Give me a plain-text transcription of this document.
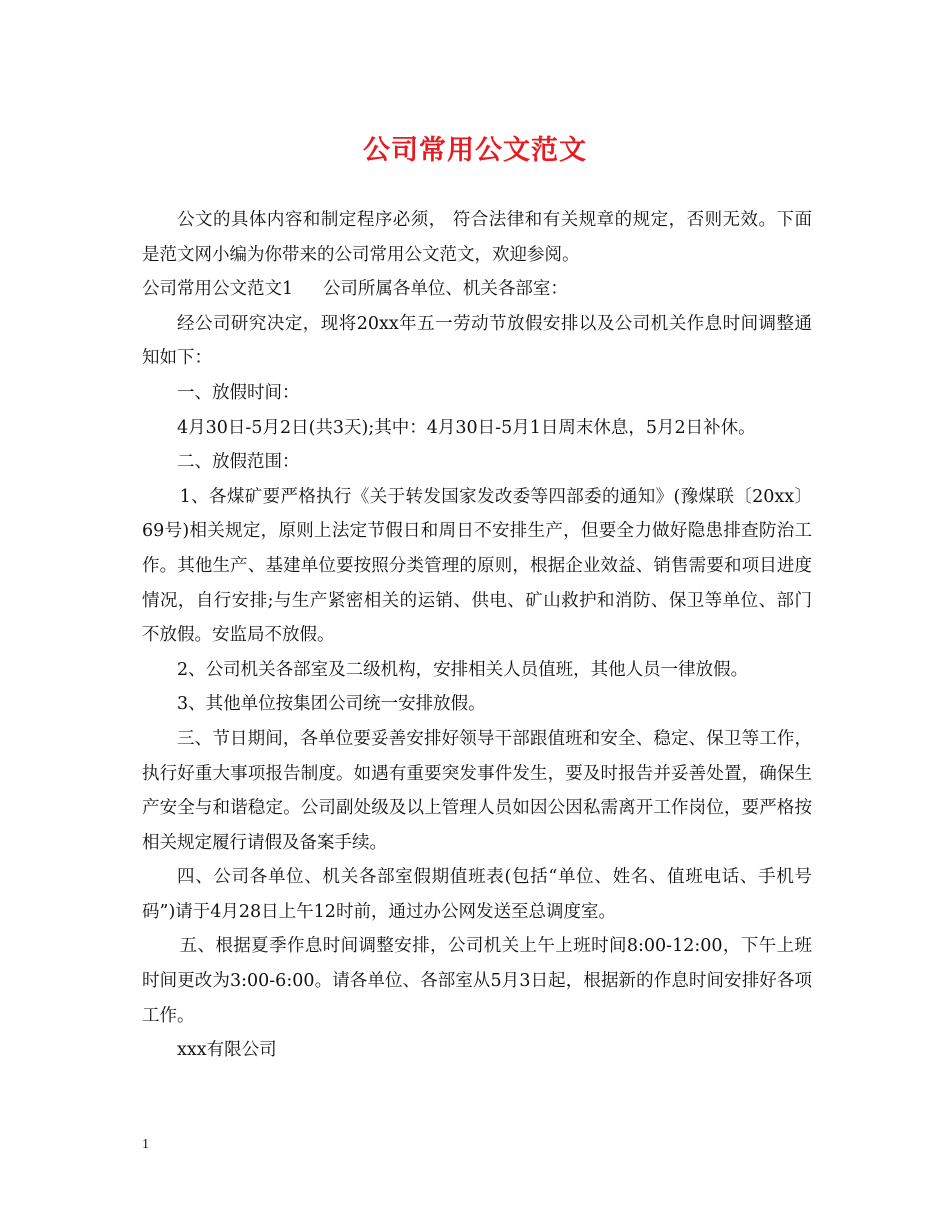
公司常用公文范文

公文的具体内容和制定程序必须， 符合法律和有关规章的规定，否则无效。下面是范文网小编为你带来的公司常用公文范文，欢迎参阅。

公司常用公文范文1 公司所属各单位、机关各部室：

经公司研究决定，现将20xx年五一劳动节放假安排以及公司机关作息时间调整通知如下：

一、放假时间：

4月30日-5月2日(共3天);其中：4月30日-5月1日周末休息，5月2日补休。

二、放假范围：

1、各煤矿要严格执行《关于转发国家发改委等四部委的通知》(豫煤联〔20xx〕69号)相关规定，原则上法定节假日和周日不安排生产，但要全力做好隐患排查防治工作。其他生产、基建单位要按照分类管理的原则，根据企业效益、销售需要和项目进度情况，自行安排;与生产紧密相关的运销、供电、矿山救护和消防、保卫等单位、部门不放假。安监局不放假。

2、公司机关各部室及二级机构，安排相关人员值班，其他人员一律放假。

3、其他单位按集团公司统一安排放假。

三、节日期间，各单位要妥善安排好领导干部跟值班和安全、稳定、保卫等工作，执行好重大事项报告制度。如遇有重要突发事件发生，要及时报告并妥善处置，确保生产安全与和谐稳定。公司副处级及以上管理人员如因公因私需离开工作岗位，要严格按相关规定履行请假及备案手续。

四、公司各单位、机关各部室假期值班表(包括“单位、姓名、值班电话、手机号码”)请于4月28日上午12时前，通过办公网发送至总调度室。

五、根据夏季作息时间调整安排，公司机关上午上班时间8:00-12:00，下午上班时间更改为3:00-6:00。请各单位、各部室从5月3日起，根据新的作息时间安排好各项工作。

xxx有限公司

1
